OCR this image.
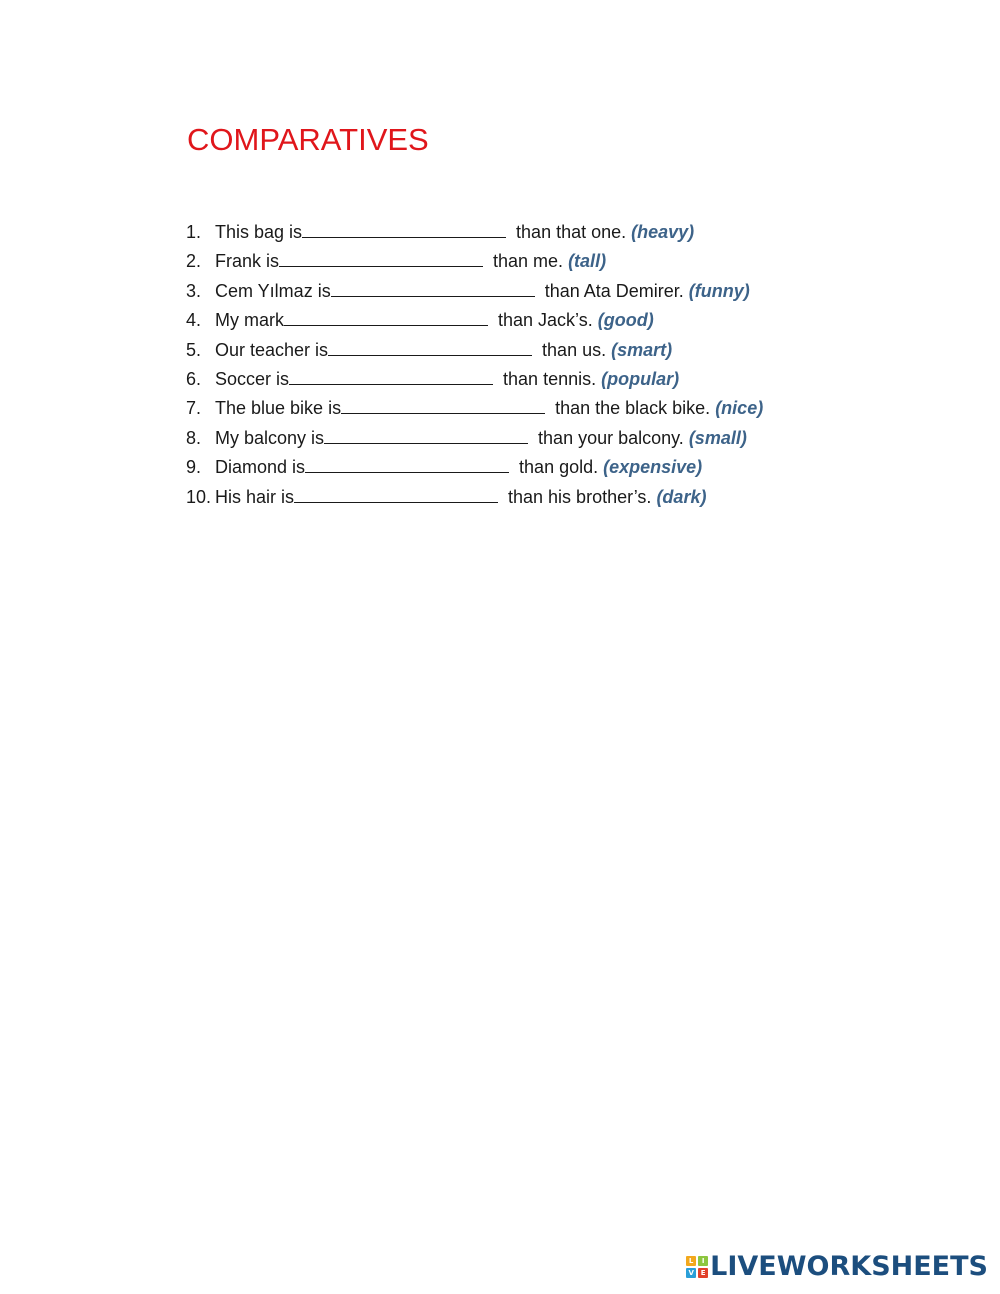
COMPARATIVES
1. This bag is	than that one. (heavy)
2. Frank is	than me. (tall)
3. Cem Yılmaz is	than Ata Demirer. (funny)
4. My mark	than Jack’s. (good)
5. Our teacher is	than us. (smart)
6. Soccer is	than tennis. (popular)
7. The blue bike is	than the black bike. (nice)
8. My balcony is	than your balcony. (small)
9. Diamond is	than gold. (expensive)
10. His hair is	than his brother’s. (dark)
L	I
V E LIVEWORKSHEETS
